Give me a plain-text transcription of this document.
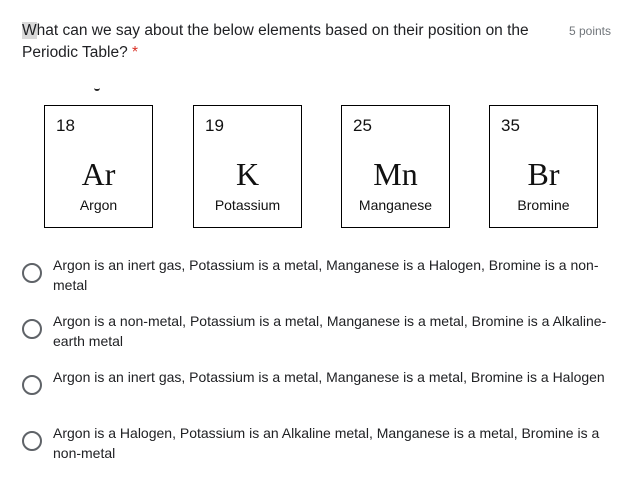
What can we say about the below elements based on their position on the Periodic Table? *
5 points
18
Ar
Argon
19
K
Potassium
25
Mn
Manganese
35
Br
Bromine
Argon is an inert gas, Potassium is a metal, Manganese is a Halogen, Bromine is a non-metal
Argon is a non-metal, Potassium is a metal, Manganese is a metal, Bromine is a Alkaline-earth metal
Argon is an inert gas, Potassium is a metal, Manganese is a metal, Bromine is a Halogen
Argon is a Halogen, Potassium is an Alkaline metal, Manganese is a metal, Bromine is a non-metal
